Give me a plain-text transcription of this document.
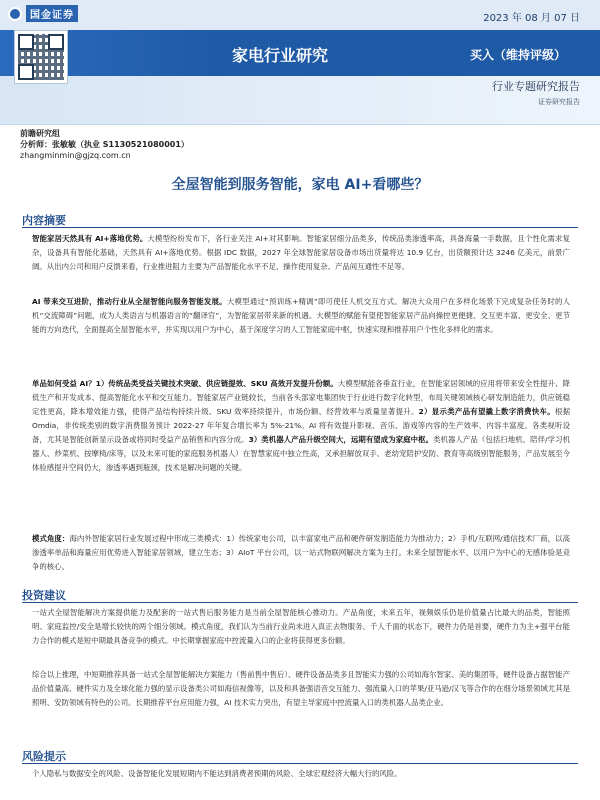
国金证券	2023 年 08 月 07 日
家电行业研究	买入（维持评级）
行业专题研究报告
证券研究报告
前瞻研究组
分析师：张敏敏（执业 S1130521080001）
zhangminmin@gjzq.com.cn
全屋智能到服务智能，家电 AI+看哪些？
内容摘要

智能家居天然具有 AI+落地优势。大模型纷纷发布下，各行业关注 AI+对其影响。智能家居细分品类多，传统品类渗透率高，具备海量一手数据，且个性化需求复杂，设备具有智能化基础，天然具有 AI+落地优势。根据 IDC 数据，2027 年全球智能家居设备市场出货量将达 10.9 亿台，出货额预计达 3246 亿美元，前景广阔。从出内公司和用户反馈来看，行业推进阻力主要为产品智能化水平不足、操作使用复杂、产品间互通性不足等。

AI 带来交互进阶，推动行业从全屋智能向服务智能发展。大模型通过“预训练+精调”即可使任人机交互方式。解决大众用户在多样化场景下完成复杂任务时的人机“交流障碍”问题，成为人类语言与机器语言的“翻译官”，为智能家居带来新的机遇。大模型的赋能有望使智能家居产品向操控更便捷、交互更丰富、更安全、更节能的方向迭代，全面提高全屋智能水平，并实现以用户为中心，基于深度学习的人工智能家庭中枢，快速实现和推荐用户个性化多样化的需求。

单品如何受益 AI？1）传统品类受益关键技术突破、供应链提效、SKU 高效开发提升份额。大模型赋能各垂直行业，在智能家居领域的应用将带来安全性提升、降低生产和开发成本、提高智能化水平和交互能力。智能家居产业链较长，当前各头部家电集团快于行业进行数字化转型，布局关键领域核心研发制造能力，供应链稳定性更高，降本增效能力强，使得产品结构持续升级、SKU 效率持续提升，市场份额、经营效率与质量显著提升。2）显示类产品有望撬上数字消费快车。根据 Omdia，非传统类别的数字消费服务预计 2022-27 年年复合增长率为 5%-21%。AI 将有效提升影视、音乐、游戏等内容的生产效率、内容丰富度。各类视听设备，尤其是智能创新显示设备或将同时受益产品销售和内容分成。3）类机器人产品升级空间大，远期有望成为家庭中枢。类机器人产品（包括扫地机、陪伴/学习机器人、炒菜机、按摩椅/床等，以及未来可能的家庭服务机器人）在智慧家庭中独立性高，又承担解放双手、老幼宠陪护安防、教育等高级别智能服务，产品发展至今体验感提升空间仍大，渗透率遇到瓶颈，技术是解决问题的关键。

模式角度：海内外智能家居行业发展过程中形成三类模式：1）传统家电公司，以丰富家电产品和硬件研发制造能力为推动力；2）手机/互联网/通信技术厂商，以高渗透率单品和海量应用优势进入智能家居领域，建立生态；3）AIoT 平台公司，以一站式物联网解决方案为主打。未来全屋智能水平、以用户为中心的无感体验是竞争的核心。

投资建议

一站式全屋智能解决方案提供能力及配套的一站式售后服务能力是当前全屋智能核心推动力。产品角度，未来五年，视频娱乐仍是价值量占比最大的品类，智能照明、家庭监控/安全是增长较快的两个细分领域。模式角度，我们认为当前行业尚未进入真正去物服务、千人千面的状态下，硬件力仍是首要，硬件力为主+强平台能力合作的模式是短中期最具备竞争的模式。中长期掌握家庭中控流量入口的企业将获得更多份额。

综合以上推理，中短期推荐具备一站式全屋智能解决方案能力（售前售中售后）、硬件设备品类多且智能实力强的公司如海尔智家、美的集团等，硬件设备占据智能产品价值量高、硬件实力及全球化能力强的显示设备类公司如海信视像等，以及和具备强语音交互能力、强流量入口的苹果/亚马逊/汉飞等合作的在细分场景领域尤其是照明、安防领域有特色的公司。长期推荐平台应用能力强，AI 技术实力突出，有望主导家庭中控流量入口的类机器人品类企业。

风险提示

个人隐私与数据安全的风险、设备智能化发展短期内不能达到消费者预期的风险、全球宏观经济大幅大行的风险。
